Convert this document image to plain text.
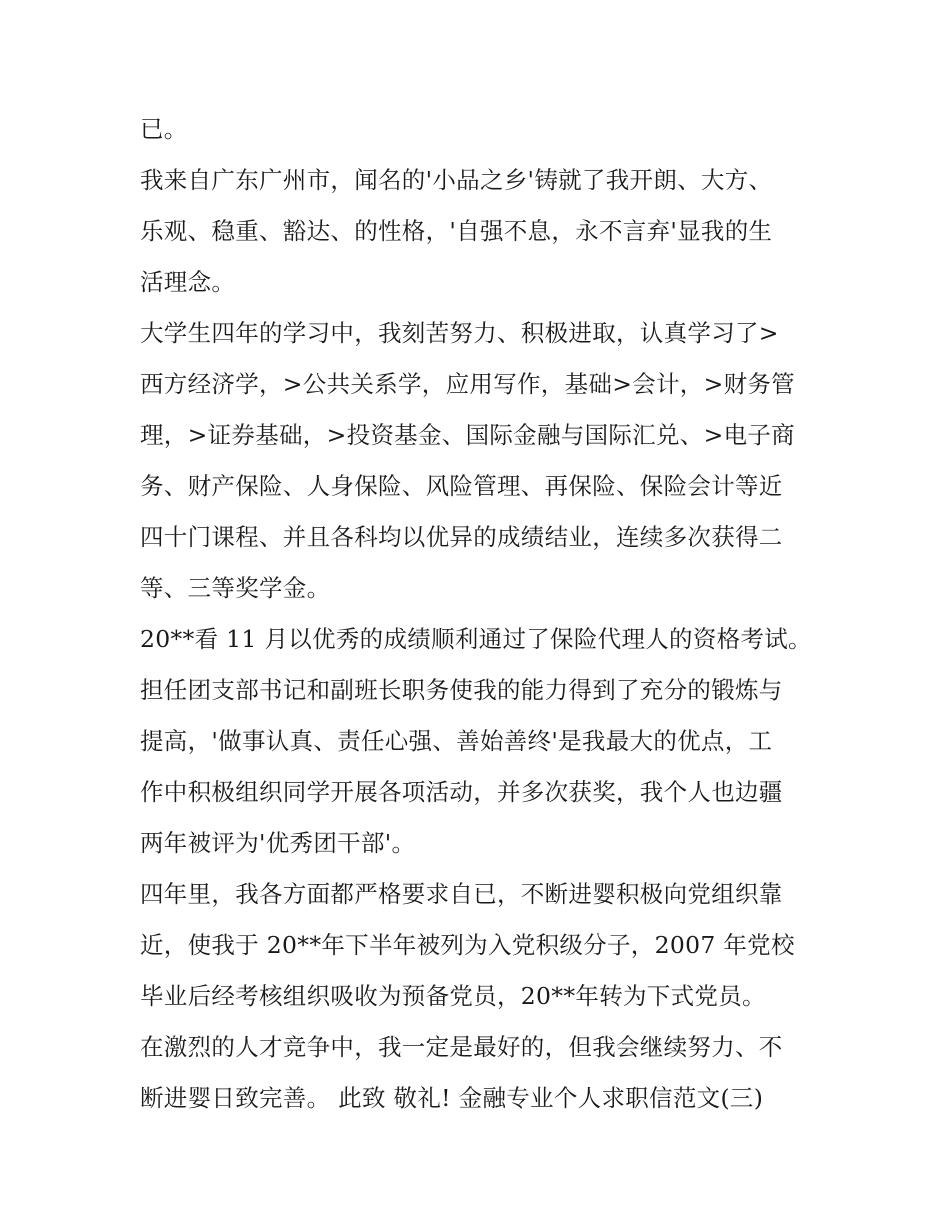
已。

我来自广东广州市，闻名的'小品之乡'铸就了我开朗、大方、

乐观、稳重、豁达、的性格，'自强不息，永不言弃'显我的生

活理念。

大学生四年的学习中，我刻苦努力、积极进取，认真学习了>

西方经济学，>公共关系学，应用写作，基础>会计，>财务管

理，>证券基础，>投资基金、国际金融与国际汇兑、>电子商

务、财产保险、人身保险、风险管理、再保险、保险会计等近

四十门课程、并且各科均以优异的成绩结业，连续多次获得二

等、三等奖学金。

20**看 11 月以优秀的成绩顺利通过了保险代理人的资格考试。

担任团支部书记和副班长职务使我的能力得到了充分的锻炼与

提高，'做事认真、责任心强、善始善终'是我最大的优点，工

作中积极组织同学开展各项活动，并多次获奖，我个人也边疆

两年被评为'优秀团干部'。

四年里，我各方面都严格要求自已，不断进婴积极向党组织靠

近，使我于 20**年下半年被列为入党积级分子，2007 年党校

毕业后经考核组织吸收为预备党员，20**年转为下式党员。

在激烈的人才竞争中，我一定是最好的，但我会继续努力、不

断进婴日致完善。 此致 敬礼! 金融专业个人求职信范文(三)
